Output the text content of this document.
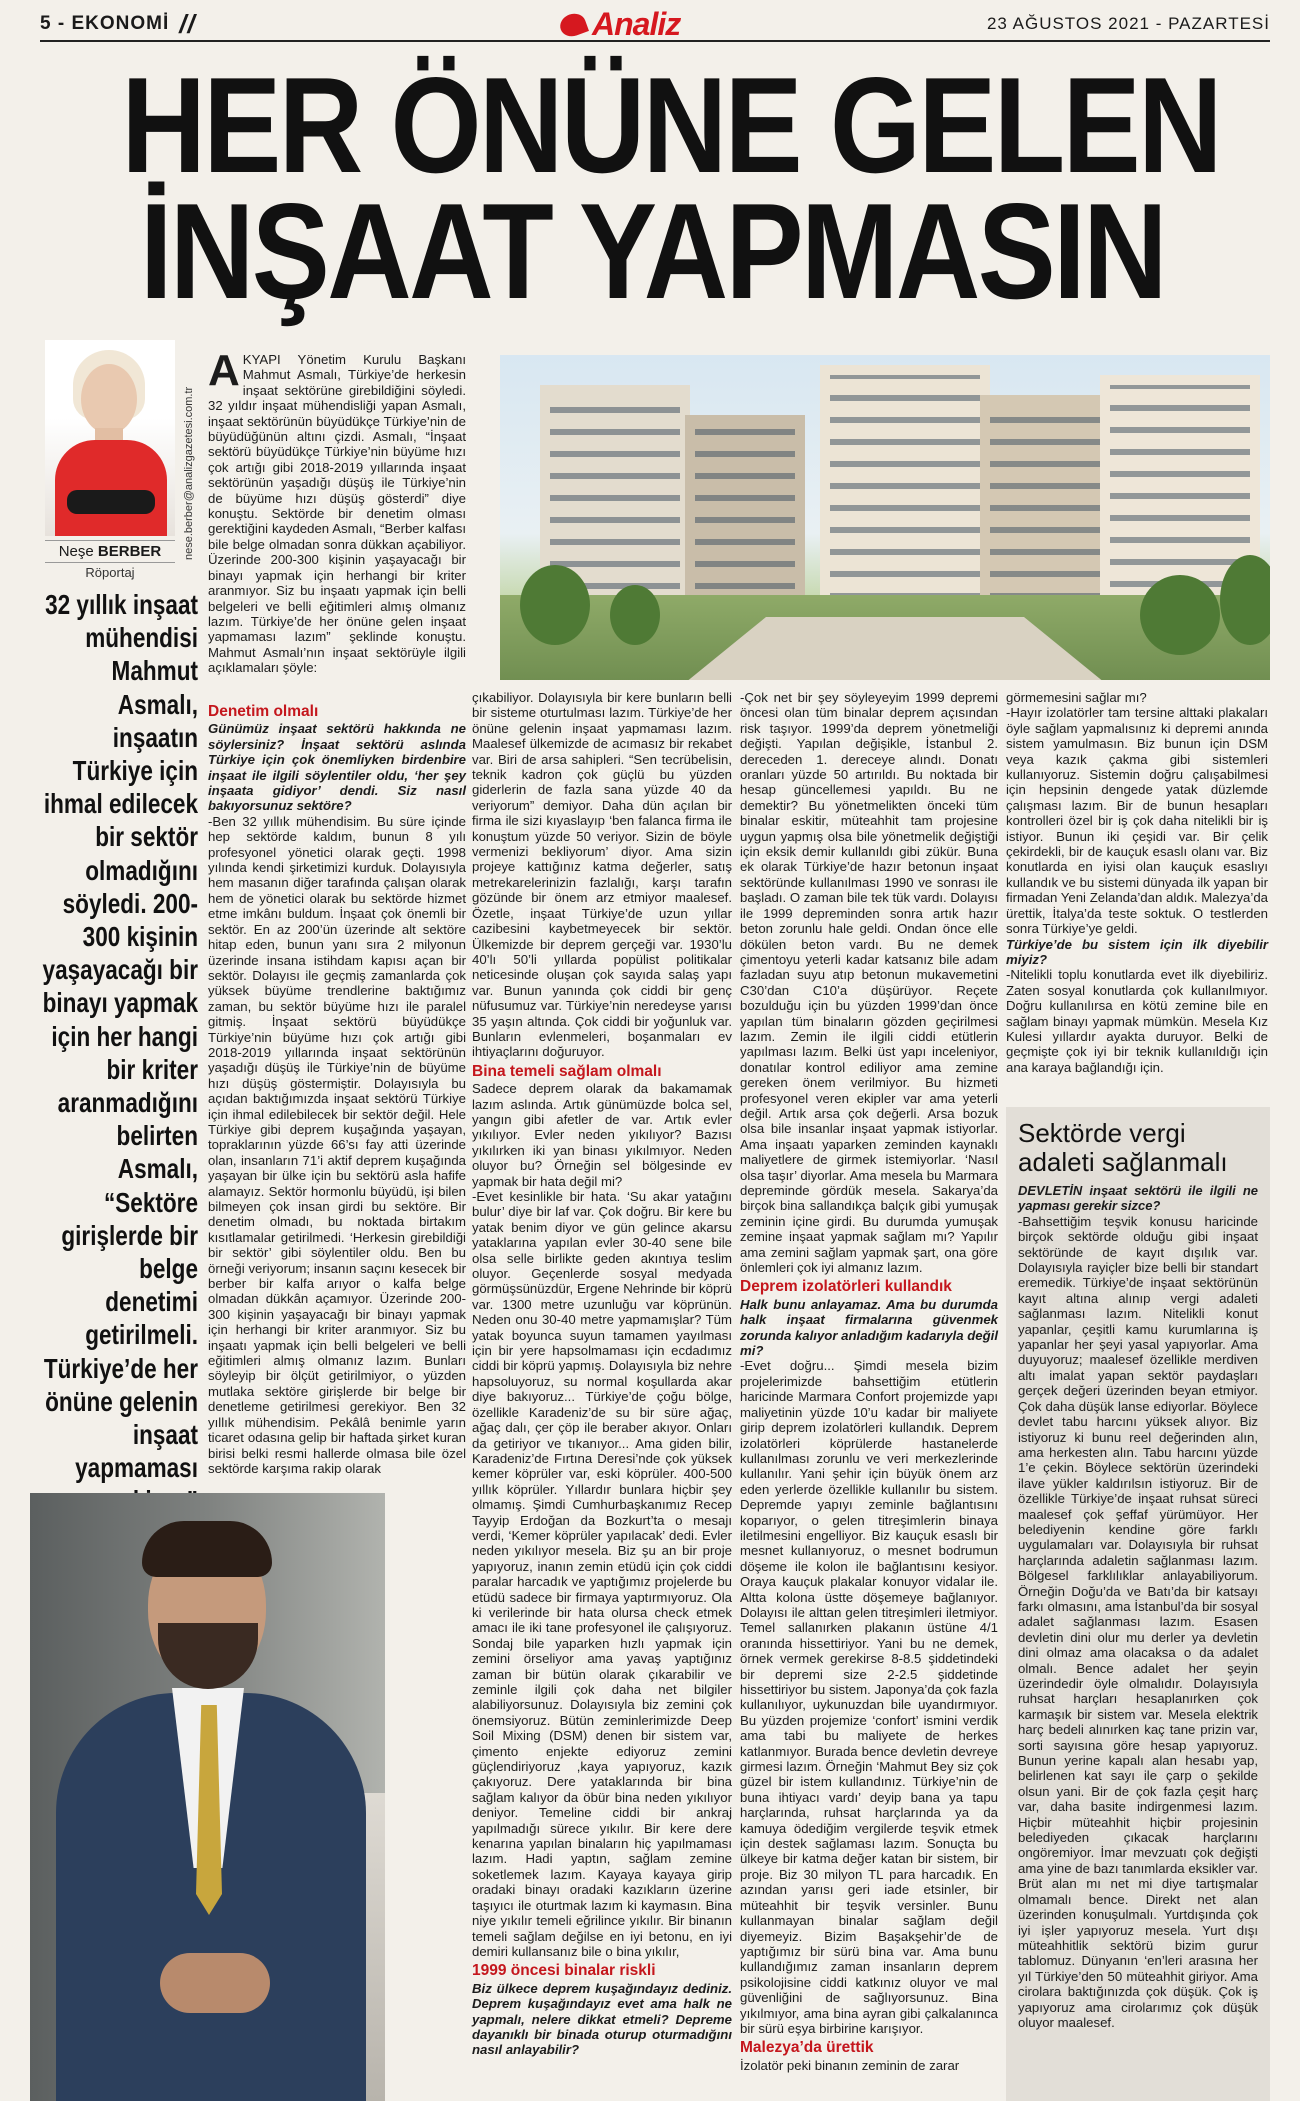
5 - EKONOMİ //	23 AĞUSTOS 2021 - PAZARTESİ
Analiz
HER ÖNÜNE GELEN
İNŞAAT YAPMASIN
Neşe BERBER
Röportaj
nese.berber@analizgazetesi.com.tr
32 yıllık inşaat mühendisi Mahmut Asmalı, inşaatın Türkiye için ihmal edilecek bir sektör olmadığını söyledi. 200-300 kişinin yaşayacağı bir binayı yapmak için her hangi bir kriter aranmadığını belirten Asmalı, “Sektöre girişlerde bir belge denetimi getirilmeli. Türkiye’de her önüne gelenin inşaat yapmaması

AKYAPI Yönetim Kurulu Başkanı Mahmut Asmalı, Türkiye’de herkesin inşaat sektörüne girebildiğini söyledi. 32 yıldır inşaat mühendisliği yapan Asmalı, inşaat sektörünün büyüdükçe Türkiye’nin de büyüdüğünün altını çizdi. Asmalı, “İnşaat sektörü büyüdükçe Türkiye’nin büyüme hızı çok artığı gibi 2018-2019 yıllarında inşaat sektörünün yaşadığı düşüş ile Türkiye’nin de büyüme hızı düşüş gösterdi” diye konuştu. Sektörde bir denetim olması gerektiğini kaydeden Asmalı, “Berber kalfası bile belge olmadan sonra dükkan açabiliyor. Üzerinde 200-300 kişinin yaşayacağı bir binayı yapmak için herhangi bir kriter aranmıyor. Siz bu inşaatı yapmak için belli belgeleri ve belli eğitimleri almış olmanız lazım. Türkiye’de her önüne gelen inşaat yapmaması lazım” şeklinde konuştu. Mahmut Asmalı’nın inşaat sektörüyle ilgili açıklamaları şöyle:

Denetim olmalı

Günümüz inşaat sektörü hakkında ne söylersiniz? İnşaat sektörü aslında Türkiye için çok önemliyken birdenbire inşaat ile ilgili söylentiler oldu, ‘her şey inşaata gidiyor’ dendi. Siz nasıl bakıyorsunuz sektöre?

-Ben 32 yıllık mühendisim. Bu süre içinde hep sektörde kaldım, bunun 8 yılı profesyonel yönetici olarak geçti. 1998 yılında kendi şirketimizi kurduk. Dolayısıyla hem masanın diğer tarafında çalışan olarak hem de yönetici olarak bu sektörde hizmet etme imkânı buldum. İnşaat çok önemli bir sektör. En az 200’ün üzerinde alt sektöre hitap eden, bunun yanı sıra 2 milyonun üzerinde insana istihdam kapısı açan bir sektör. Dolayısı ile geçmiş zamanlarda çok yüksek büyüme trendlerine baktığımız zaman, bu sektör büyüme hızı ile paralel gitmiş. İnşaat sektörü büyüdükçe Türkiye’nin büyüme hızı çok artığı gibi 2018-2019 yıllarında inşaat sektörünün yaşadığı düşüş ile Türkiye’nin de büyüme hızı düşüş göstermiştir. Dolayısıyla bu açıdan baktığımızda inşaat sektörü Türkiye için ihmal edilebilecek bir sektör değil. Hele Türkiye gibi deprem kuşağında yaşayan, topraklarının yüzde 66’sı fay atti üzerinde olan, insanların 71’i aktif deprem kuşağında yaşayan bir ülke için bu sektörü asla hafife alamayız. Sektör hormonlu büyüdü, işi bilen bilmeyen çok insan girdi bu sektöre. Bir denetim olmadı, bu noktada birtakım kısıtlamalar getirilmedi. ‘Herkesin girebildiği bir sektör’ gibi söylentiler oldu. Ben bu örneği veriyorum; insanın saçını kesecek bir berber bir kalfa arıyor o kalfa belge olmadan dükkân açamıyor. Üzerinde 200-300 kişinin yaşayacağı bir binayı yapmak için herhangi bir kriter aranmıyor. Siz bu inşaatı yapmak için belli belgeleri ve belli eğitimleri almış olmanız lazım. Bunları söyleyip bir ölçüt getirilmiyor, o yüzden mutlaka sektöre girişlerde bir belge bir denetleme getirilmesi gerekiyor. Ben 32 yıllık mühendisim. Pekâlâ benimle yarın ticaret odasına gelip bir haftada şirket kuran birisi belki resmi hallerde olmasa bile özel sektörde karşıma rakip olarak

çıkabiliyor. Dolayısıyla bir kere bunların belli bir sisteme oturtulması lazım. Türkiye’de her önüne gelenin inşaat yapmaması lazım. Maalesef ülkemizde de acımasız bir rekabet var. Biri de arsa sahipleri. “Sen tecrübelisin, teknik kadron çok güçlü bu yüzden giderlerin de fazla sana yüzde 40 da veriyorum” demiyor. Daha dün açılan bir firma ile sizi kıyaslayıp ‘ben falanca firma ile konuştum yüzde 50 veriyor. Sizin de böyle vermenizi bekliyorum’ diyor. Ama sizin projeye kattığınız katma değerler, satış metrekarelerinizin fazlalığı, karşı tarafın gözünde bir önem arz etmiyor maalesef. Özetle, inşaat Türkiye’de uzun yıllar cazibesini kaybetmeyecek bir sektör. Ülkemizde bir deprem gerçeği var. 1930’lu 40’lı 50’li yıllarda popülist politikalar neticesinde oluşan çok sayıda salaş yapı var. Bunun yanında çok ciddi bir genç nüfusumuz var. Türkiye’nin neredeyse yarısı 35 yaşın altında. Çok ciddi bir yoğunluk var. Bunların evlenmeleri, boşanmaları ev ihtiyaçlarını doğuruyor.

Bina temeli sağlam olmalı

Sadece deprem olarak da bakamamak lazım aslında. Artık günümüzde bolca sel, yangın gibi afetler de var. Artık evler yıkılıyor. Evler neden yıkılıyor? Bazısı yıkılırken iki yan binası yıkılmıyor. Neden oluyor bu? Örneğin sel bölgesinde ev yapmak bir hata değil mi?

-Evet kesinlikle bir hata. ‘Su akar yatağını bulur’ diye bir laf var. Çok doğru. Bir kere bu yatak benim diyor ve gün gelince akarsu yataklarına yapılan evler 30-40 sene bile olsa selle birlikte geden akıntıya teslim oluyor. Geçenlerde sosyal medyada görmüşsünüzdür, Ergene Nehrinde bir köprü var. 1300 metre uzunluğu var köprünün. Neden onu 30-40 metre yapmamışlar? Tüm yatak boyunca suyun tamamen yayılması için bir yere hapsolmaması için ecdadımız ciddi bir köprü yapmış. Dolayısıyla biz nehre hapsoluyoruz, su normal koşullarda akar diye bakıyoruz... Türkiye’de çoğu bölge, özellikle Karadeniz’de su bir süre ağaç, ağaç dalı, çer çöp ile beraber akıyor. Onları da getiriyor ve tıkanıyor... Ama giden bilir, Karadeniz’de Fırtına Deresi’nde çok yüksek kemer köprüler var, eski köprüler. 400-500 yıllık köprüler. Yıllardır bunlara hiçbir şey olmamış. Şimdi Cumhurbaşkanımız Recep Tayyip Erdoğan da Bozkurt’ta o mesajı verdi, ‘Kemer köprüler yapılacak’ dedi. Evler neden yıkılıyor mesela. Biz şu an bir proje yapıyoruz, inanın zemin etüdü için çok ciddi paralar harcadık ve yaptığımız projelerde bu etüdü sadece bir firmaya yaptırmıyoruz. Ola ki verilerinde bir hata olursa check etmek amacı ile iki tane profesyonel ile çalışıyoruz. Sondaj bile yaparken hızlı yapmak için zemini örseliyor ama yavaş yaptığınız zaman bir bütün olarak çıkarabilir ve zeminle ilgili çok daha net bilgiler alabiliyorsunuz. Dolayısıyla biz zemini çok önemsiyoruz. Bütün zeminlerimizde Deep Soil Mixing (DSM) denen bir sistem var, çimento enjekte ediyoruz zemini güçlendiriyoruz ,kaya yapıyoruz, kazık çakıyoruz. Dere yataklarında bir bina sağlam kalıyor da öbür bina neden yıkılıyor deniyor. Temeline ciddi bir ankraj yapılmadığı sürece yıkılır. Bir kere dere kenarına yapılan binaların hiç yapılmaması lazım. Hadi yaptın, sağlam zemine soketlemek lazım. Kayaya kayaya girip oradaki binayı oradaki kazıkların üzerine taşıyıcı ile oturtmak lazım ki kaymasın. Bina niye yıkılır temeli eğrilince yıkılır. Bir binanın temeli sağlam değilse en iyi betonu, en iyi demiri kullansanız bile o bina yıkılır,

1999 öncesi binalar riskli

Biz ülkece deprem kuşağındayız dediniz. Deprem kuşağındayız evet ama halk ne yapmalı, nelere dikkat etmeli? Depreme dayanıklı bir binada oturup oturmadığını nasıl anlayabilir?

-Çok net bir şey söyleyeyim 1999 depremi öncesi olan tüm binalar deprem açısından risk taşıyor. 1999’da deprem yönetmeliği değişti. Yapılan değişikle, İstanbul 2. dereceden 1. dereceye alındı. Donatı oranları yüzde 50 artırıldı. Bu noktada bir hesap güncellemesi yapıldı. Bu ne demektir? Bu yönetmelikten önceki tüm binalar eskitir, müteahhit tam projesine uygun yapmış olsa bile yönetmelik değiştiği için eksik demir kullanıldı gibi zükür. Buna ek olarak Türkiye’de hazır betonun inşaat sektöründe kullanılması 1990 ve sonrası ile başladı. O zaman bile tek tük vardı. Dolayısı ile 1999 depreminden sonra artık hazır beton zorunlu hale geldi. Ondan önce elle dökülen beton vardı. Bu ne demek çimentoyu yeterli kadar katsanız bile adam fazladan suyu atıp betonun mukavemetini C30’dan C10’a düşürüyor. Reçete bozulduğu için bu yüzden 1999’dan önce yapılan tüm binaların gözden geçirilmesi lazım. Zemin ile ilgili ciddi etütlerin yapılması lazım. Belki üst yapı inceleniyor, donatılar kontrol ediliyor ama zemine gereken önem verilmiyor. Bu hizmeti profesyonel veren ekipler var ama yeterli değil. Artık arsa çok değerli. Arsa bozuk olsa bile insanlar inşaat yapmak istiyorlar. Ama inşaatı yaparken zeminden kaynaklı maliyetlere de girmek istemiyorlar. ‘Nasıl olsa taşır’ diyorlar. Ama mesela bu Marmara depreminde gördük mesela. Sakarya’da birçok bina sallandıkça balçık gibi yumuşak zeminin içine girdi. Bu durumda yumuşak zemine inşaat yapmak sağlam mı? Yapılır ama zemini sağlam yapmak şart, ona göre önlemleri çok iyi almanız lazım.

Deprem izolatörleri kullandık

Halk bunu anlayamaz. Ama bu durumda halk inşaat firmalarına güvenmek zorunda kalıyor anladığım kadarıyla değil mi?

-Evet doğru... Şimdi mesela bizim projelerimizde bahsettiğim etütlerin haricinde Marmara Confort projemizde yapı maliyetinin yüzde 10’u kadar bir maliyete girip deprem izolatörleri kullandık. Deprem izolatörleri köprülerde hastanelerde kullanılması zorunlu ve veri merkezlerinde kullanılır. Yani şehir için büyük önem arz eden yerlerde özellikle kullanılır bu sistem. Depremde yapıyı zeminle bağlantısını koparıyor, o gelen titreşimlerin binaya iletilmesini engelliyor. Biz kauçuk esaslı bir mesnet kullanıyoruz, o mesnet bodrumun döşeme ile kolon ile bağlantısını kesiyor. Oraya kauçuk plakalar konuyor vidalar ile. Altta kolona üstte döşemeye bağlanıyor. Dolayısı ile alttan gelen titreşimleri iletmiyor. Temel sallanırken plakanın üstüne 4/1 oranında hissettiriyor. Yani bu ne demek, örnek vermek gerekirse 8-8.5 şiddetindeki bir depremi size 2-2.5 şiddetinde hissettiriyor bu sistem. Japonya’da çok fazla kullanılıyor, uykunuzdan bile uyandırmıyor. Bu yüzden projemize ‘confort’ ismini verdik ama tabi bu maliyete de herkes katlanmıyor. Burada bence devletin devreye girmesi lazım. Örneğin ‘Mahmut Bey siz çok güzel bir istem kullandınız. Türkiye’nin de buna ihtiyacı vardı’ deyip bana ya tapu harçlarında, ruhsat harçlarında ya da kamuya ödediğim vergilerde teşvik etmek için destek sağlaması lazım. Sonuçta bu ülkeye bir katma değer katan bir sistem, bir proje. Biz 30 milyon TL para harcadık. En azından yarısı geri iade etsinler, bir müteahhit bir teşvik versinler. Bunu kullanmayan binalar sağlam değil diyemeyiz. Bizim Başakşehir’de de yaptığımız bir sürü bina var. Ama bunu kullandığımız zaman insanların deprem psikolojisine ciddi katkınız oluyor ve mal güvenliğini de sağlıyorsunuz. Bina yıkılmıyor, ama bina ayran gibi çalkalanınca bir sürü eşya birbirine karışıyor.

Malezya’da ürettik

İzolatör peki binanın zeminin de zarar

görmemesini sağlar mı?

-Hayır izolatörler tam tersine alttaki plakaları öyle sağlam yapmalısınız ki depremi anında sistem yamulmasın. Biz bunun için DSM veya kazık çakma gibi sistemleri kullanıyoruz. Sistemin doğru çalışabilmesi için hepsinin dengede yatak düzlemde çalışması lazım. Bir de bunun hesapları kontrolleri özel bir iş çok daha nitelikli bir iş istiyor. Bunun iki çeşidi var. Bir çelik çekirdekli, bir de kauçuk esaslı olanı var. Biz konutlarda en iyisi olan kauçuk esaslıyı kullandık ve bu sistemi dünyada ilk yapan bir firmadan Yeni Zelanda’dan aldık. Malezya’da ürettik, İtalya’da teste soktuk. O testlerden sonra Türkiye’ye geldi.

Türkiye’de bu sistem için ilk diyebilir miyiz?

-Nitelikli toplu konutlarda evet ilk diyebiliriz. Zaten sosyal konutlarda çok kullanılmıyor. Doğru kullanılırsa en kötü zemine bile en sağlam binayı yapmak mümkün. Mesela Kız Kulesi yıllardır ayakta duruyor. Belki de geçmişte çok iyi bir teknik kullanıldığı için ana karaya bağlandığı için.

Sektörde vergi adaleti sağlanmalı

DEVLETİN inşaat sektörü ile ilgili ne yapması gerekir sizce?

-Bahsettiğim teşvik konusu haricinde birçok sektörde olduğu gibi inşaat sektöründe de kayıt dışılık var. Dolayısıyla rayiçler bize belli bir standart eremedik. Türkiye’de inşaat sektörünün kayıt altına alınıp vergi adaleti sağlanması lazım. Nitelikli konut yapanlar, çeşitli kamu kurumlarına iş yapanlar her şeyi yasal yapıyorlar. Ama duyuyoruz; maalesef özellikle merdiven altı imalat yapan sektör paydaşları gerçek değeri üzerinden beyan etmiyor. Çok daha düşük lanse ediyorlar. Böylece devlet tabu harcını yüksek alıyor. Biz istiyoruz ki bunu reel değerinden alın, ama herkesten alın. Tabu harcını yüzde 1’e çekin. Böylece sektörün üzerindeki ilave yükler kaldırılsın istiyoruz. Bir de özellikle Türkiye’de inşaat ruhsat süreci maalesef çok şeffaf yürümüyor. Her belediyenin kendine göre farklı uygulamaları var. Dolayısıyla bir ruhsat harçlarında adaletin sağlanması lazım. Bölgesel farklılıklar anlayabiliyorum. Örneğin Doğu’da ve Batı’da bir katsayı farkı olmasını, ama İstanbul’da bir sosyal adalet sağlanması lazım. Esasen devletin dini olur mu derler ya devletin dini olmaz ama olacaksa o da adalet olmalı. Bence adalet her şeyin üzerindedir öyle olmalıdır. Dolayısıyla ruhsat harçları hesaplanırken çok karmaşık bir sistem var. Mesela elektrik harç bedeli alınırken kaç tane prizin var, sorti sayısına göre hesap yapıyoruz. Bunun yerine kapalı alan hesabı yap, belirlenen kat sayı ile çarp o şekilde olsun yani. Bir de çok fazla çeşit harç var, daha basite indirgenmesi lazım. Hiçbir müteahhit hiçbir projesinin belediyeden çıkacak harçlarını ongöremiyor. İmar mevzuatı çok değişti ama yine de bazı tanımlarda eksikler var. Brüt alan mı net mi diye tartışmalar olmamalı bence. Direkt net alan üzerinden konuşulmalı. Yurtdışında çok iyi işler yapıyoruz mesela. Yurt dışı müteahhitlik sektörü bizim gurur tablomuz. Dünyanın ‘en’leri arasına her yıl Türkiye’den 50 müteahhit giriyor. Ama cirolara baktığınızda çok düşük. Çok iş yapıyoruz ama cirolarımız çok düşük oluyor maalesef.
